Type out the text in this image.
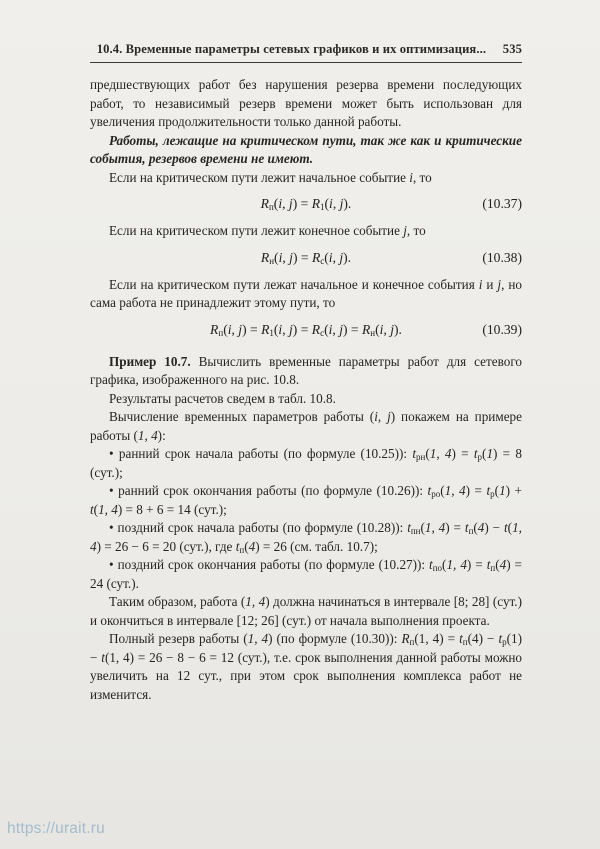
10.4. Временные параметры сетевых графиков и их оптимизация...	535

предшествующих работ без нарушения резерва времени последующих работ, то независимый резерв времени может быть использован для увеличения продолжительности только данной работы.

Работы, лежащие на критическом пути, так же как и критические события, резервов времени не имеют.

Если на критическом пути лежит начальное событие i, то

$R_п(i$, $j) = R_1(i$, j).	(10.37)

Если на критическом пути лежит конечное событие j, то

$R_н(i$, $j) = R_с(i$, j).	(10.38)

Если на критическом пути лежат начальное и конечное события i и j, но сама работа не принадлежит этому пути, то

$R_п(i$, $j) = R_1(i$, $j) = R_с(i$, $j) = R_н(i$, j).	(10.39)

Пример 10.7. Вычислить временные параметры работ для сетевого графика, изображенного на рис. 10.8.

Результаты расчетов сведем в табл. 10.8.

Вычисление временных параметров работы (i, j) покажем на примере работы (1, 4):

• ранний срок начала работы (по формуле (10.25)): $t_{рн}(1$, $4) = t_р(1) = 8$ (сут.);

• ранний срок окончания работы (по формуле (10.26)): $t_{ро}(1$, $4) = t_р(1) + t(1$, 4) = 8 + 6 = 14 (сут.);

• поздний срок начала работы (по формуле (10.28)): $t_{пн}(1$, $4) = t_п(4) - t(1$, 4) = 26 − 6 = 20 (сут.), где $t_п(4) = 26$ (см. табл. 10.7);

• поздний срок окончания работы (по формуле (10.27)): $t_{по}(1$, $4) = t_п(4) = 24$ (сут.).

Таким образом, работа (1, 4) должна начинаться в интервале [8; 28] (сут.) и окончиться в интервале [12; 26] (сут.) от начала выполнения проекта.

Полный резерв работы (1, 4) (по формуле (10.30)): $R_п(1$, $4) = t_п(4) - t_р(1) - t(1$, 4) = 26 − 8 − 6 = 12 (сут.), т.е. срок выполнения данной работы можно увеличить на 12 сут., при этом срок выполнения комплекса работ не изменится.

https://urait.ru
